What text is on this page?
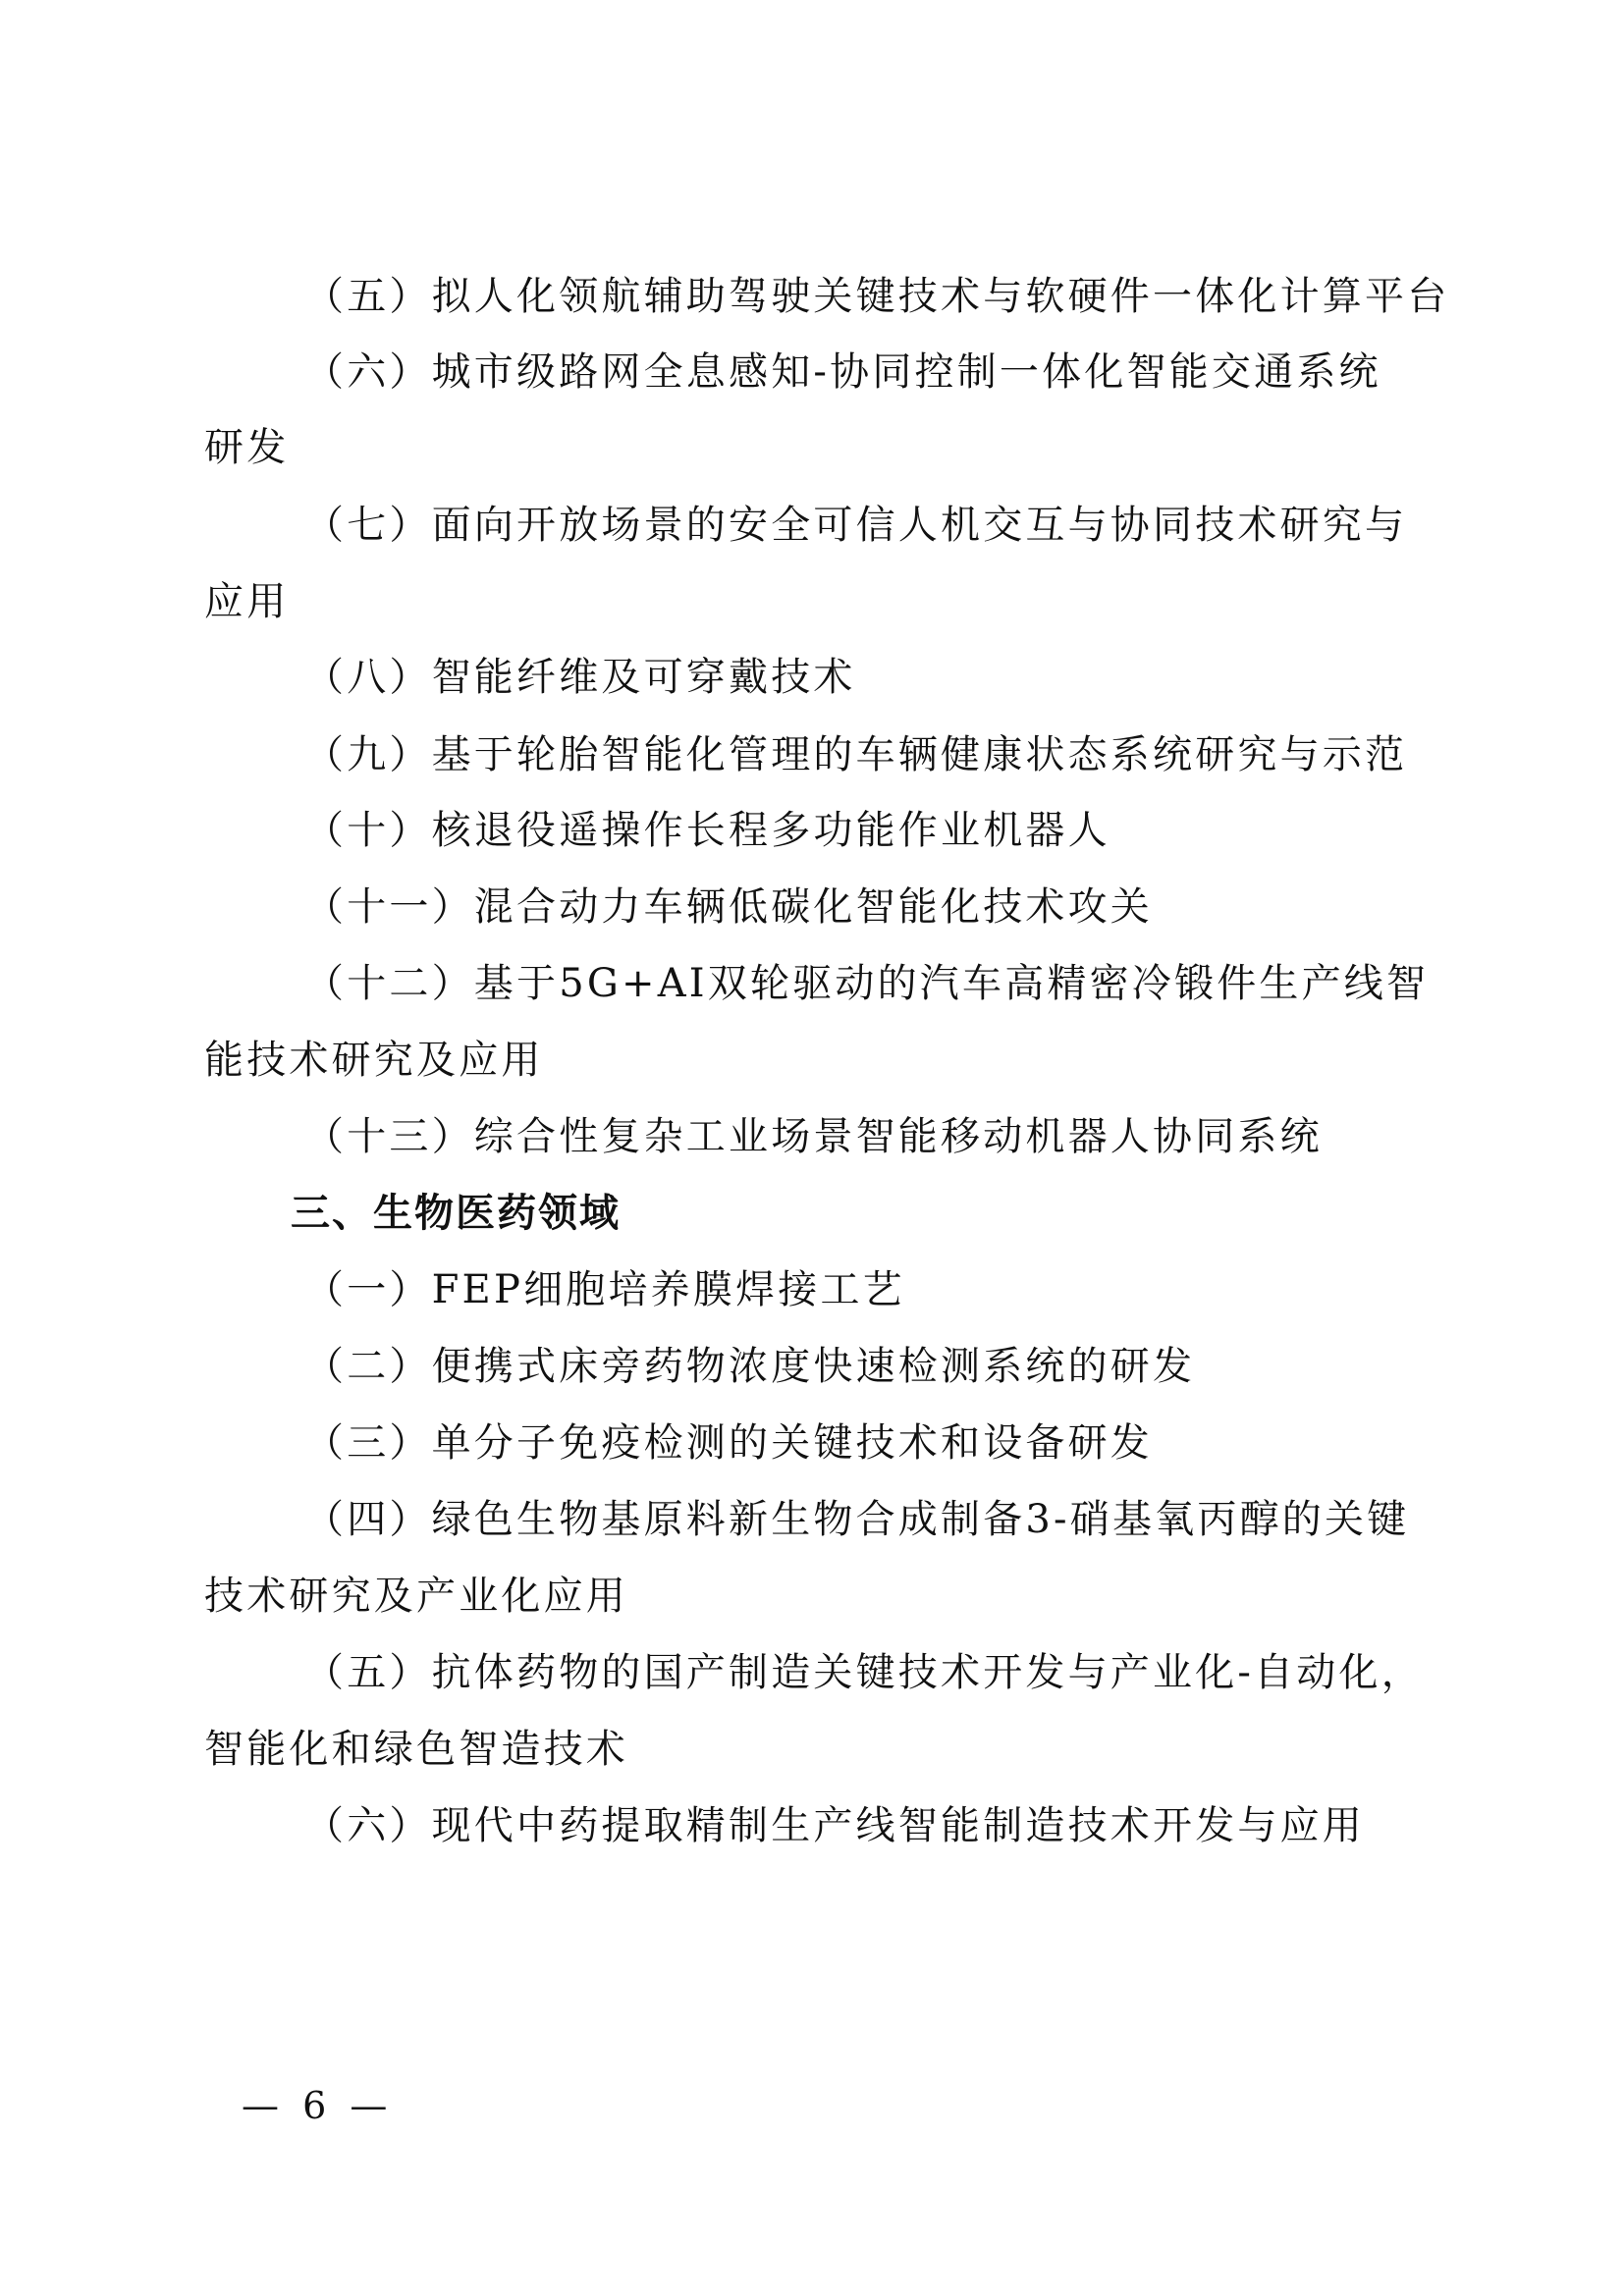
（五）拟人化领航辅助驾驶关键技术与软硬件一体化计算平台

（六）城市级路网全息感知-协同控制一体化智能交通系统

研发

（七）面向开放场景的安全可信人机交互与协同技术研究与

应用

（八）智能纤维及可穿戴技术

（九）基于轮胎智能化管理的车辆健康状态系统研究与示范

（十）核退役遥操作长程多功能作业机器人

（十一）混合动力车辆低碳化智能化技术攻关

（十二）基于5G+AI双轮驱动的汽车高精密冷锻件生产线智

能技术研究及应用

（十三）综合性复杂工业场景智能移动机器人协同系统

三、生物医药领域

（一）FEP细胞培养膜焊接工艺

（二）便携式床旁药物浓度快速检测系统的研发

（三）单分子免疫检测的关键技术和设备研发

（四）绿色生物基原料新生物合成制备3-硝基氧丙醇的关键

技术研究及产业化应用

（五）抗体药物的国产制造关键技术开发与产业化-自动化，

智能化和绿色智造技术

（六）现代中药提取精制生产线智能制造技术开发与应用

— 6 —
